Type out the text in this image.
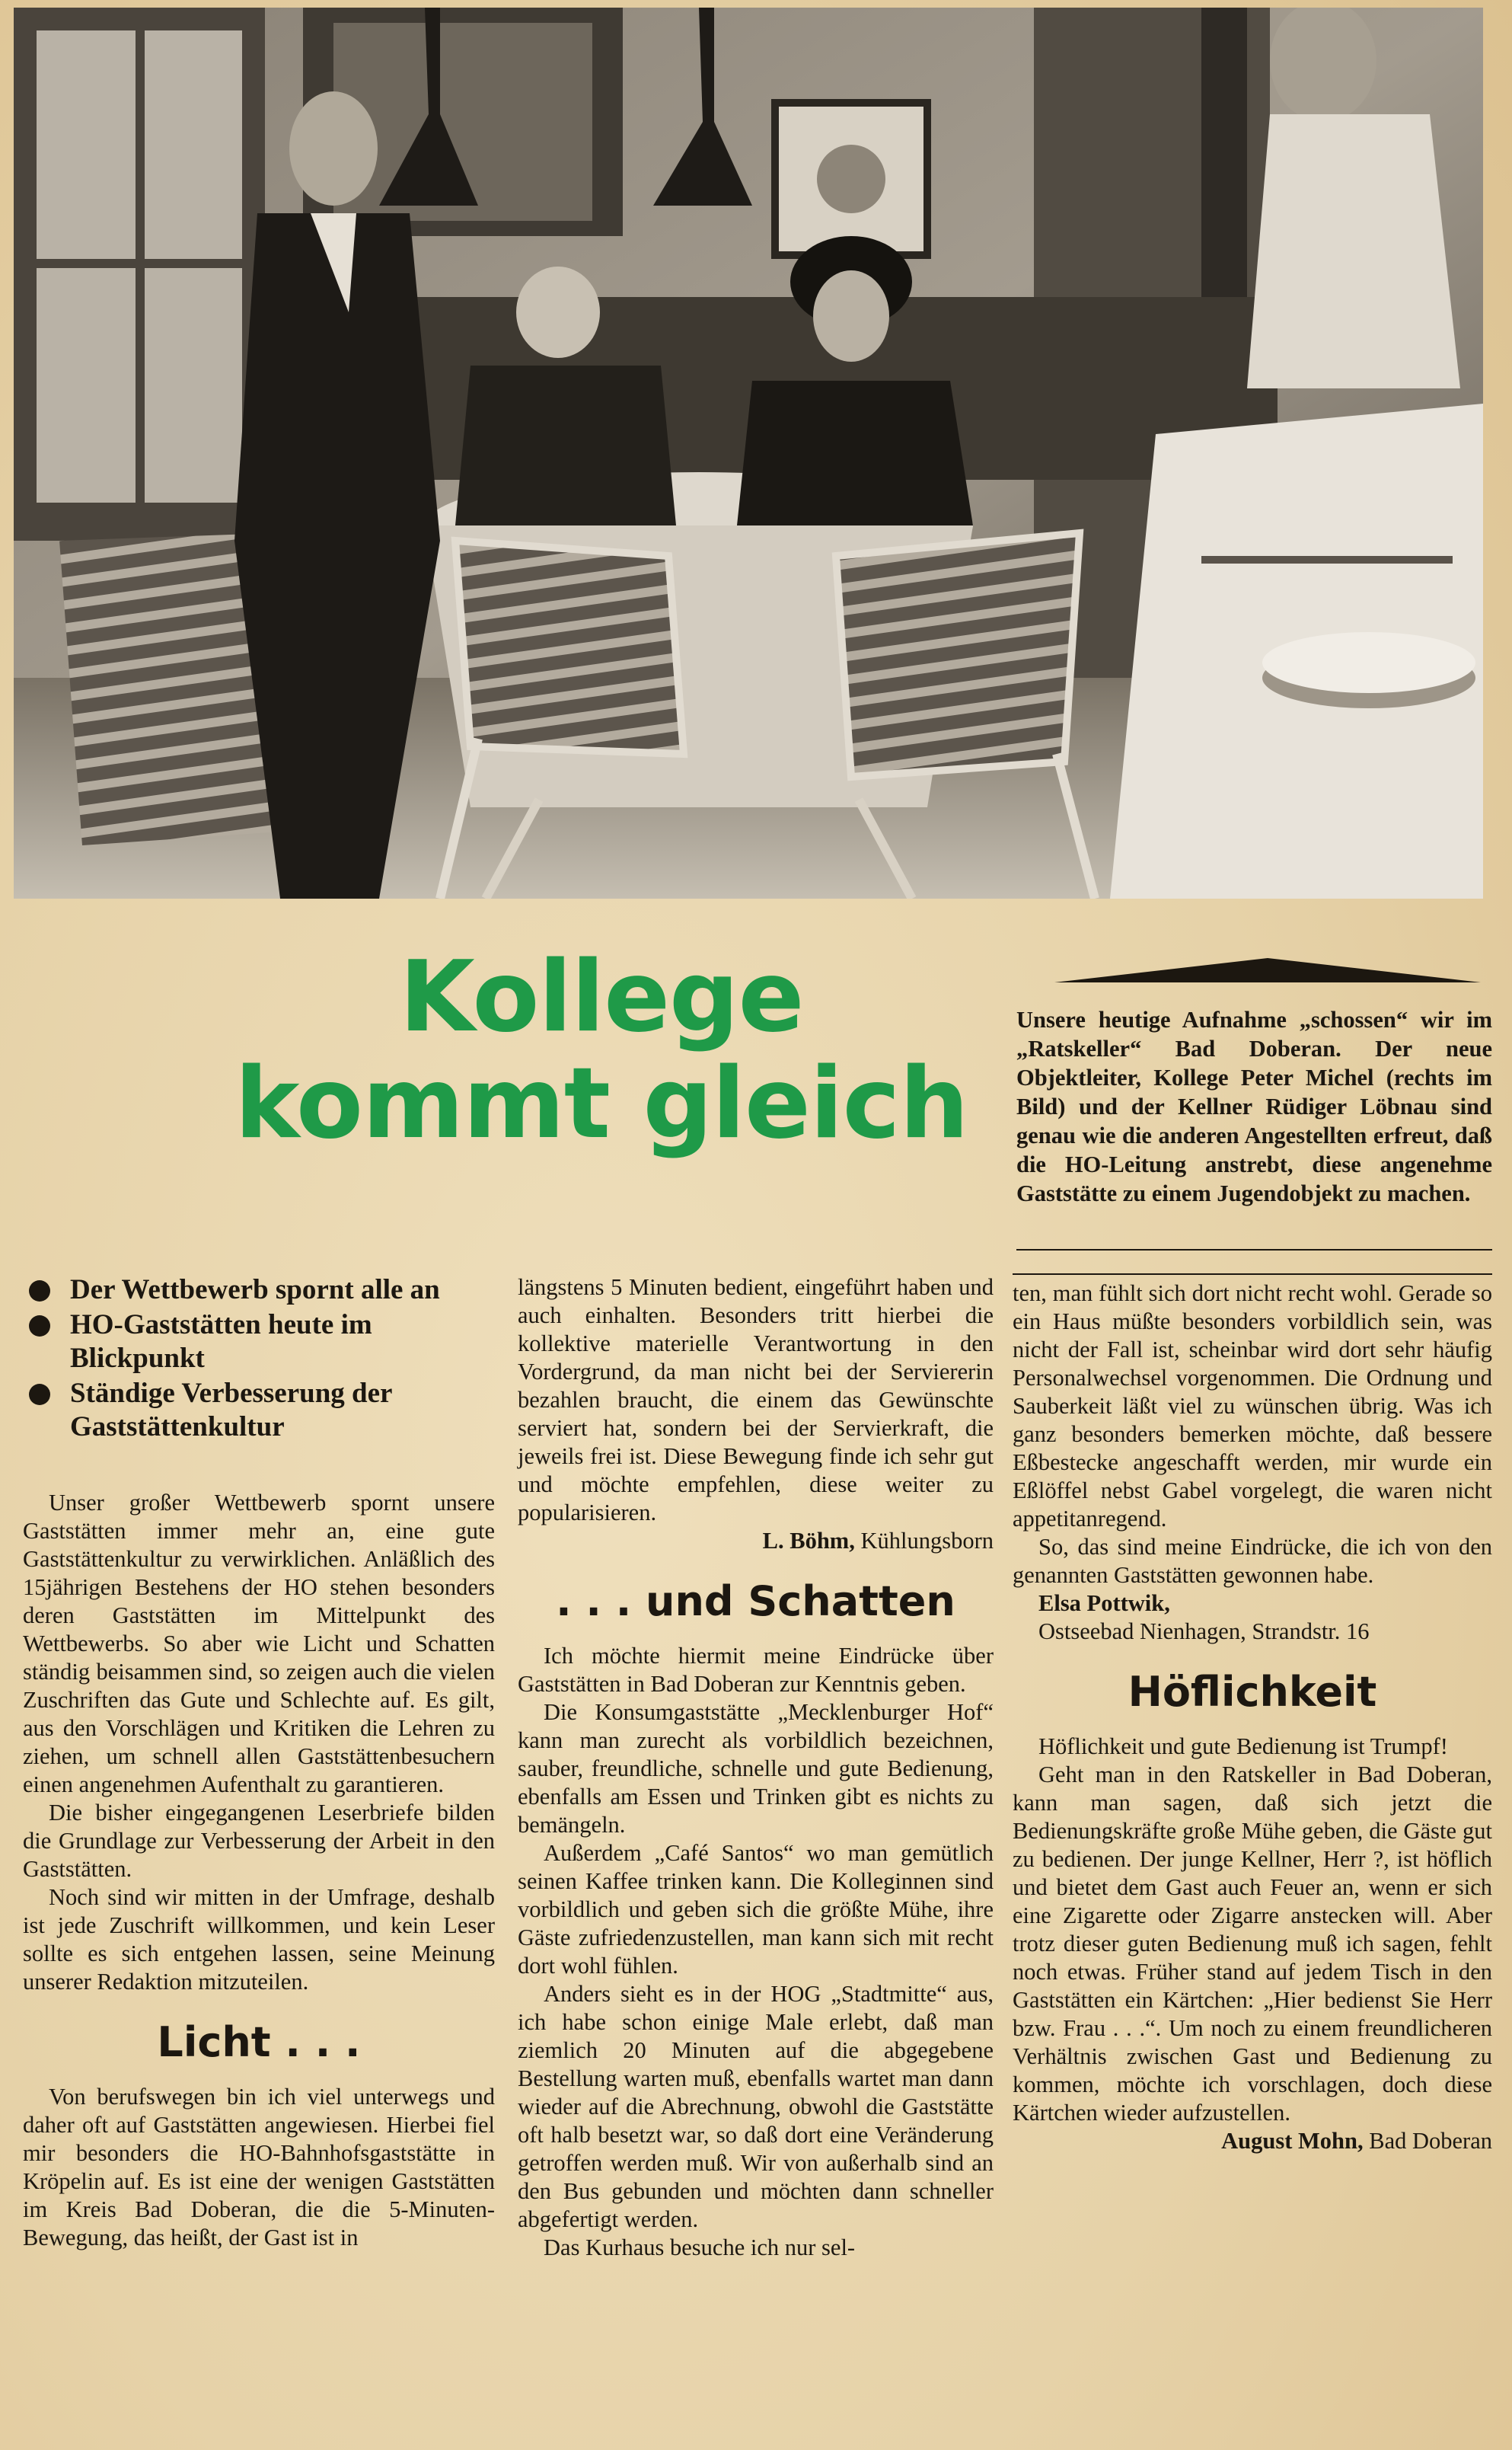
Kollege
kommt gleich
Unsere heutige Aufnahme „schossen“ wir im „Ratskeller“ Bad Doberan. Der neue Objektleiter, Kollege Peter Michel (rechts im Bild) und der Kellner Rüdiger Löbnau sind genau wie die anderen Angestellten erfreut, daß die HO-Leitung anstrebt, diese angenehme Gaststätte zu einem Jugendobjekt zu machen.
Der Wettbewerb spornt alle an
HO-Gaststätten heute im Blickpunkt
Ständige Verbesserung der Gaststättenkultur

Unser großer Wettbewerb spornt unsere Gaststätten immer mehr an, eine gute Gaststättenkultur zu verwirklichen. Anläßlich des 15jährigen Bestehens der HO stehen besonders deren Gaststätten im Mittelpunkt des Wettbewerbs. So aber wie Licht und Schatten ständig beisammen sind, so zeigen auch die vielen Zuschriften das Gute und Schlechte auf. Es gilt, aus den Vorschlägen und Kritiken die Lehren zu ziehen, um schnell allen Gaststättenbesuchern einen angenehmen Aufenthalt zu garantieren.

Die bisher eingegangenen Leserbriefe bilden die Grundlage zur Verbesserung der Arbeit in den Gaststätten.

Noch sind wir mitten in der Umfrage, deshalb ist jede Zuschrift willkommen, und kein Leser sollte es sich entgehen lassen, seine Meinung unserer Redaktion mitzuteilen.

Licht . . .

Von berufswegen bin ich viel unterwegs und daher oft auf Gaststätten angewiesen. Hierbei fiel mir besonders die HO-Bahnhofsgaststätte in Kröpelin auf. Es ist eine der wenigen Gaststätten im Kreis Bad Doberan, die die 5-Minuten-Bewegung, das heißt, der Gast ist in

längstens 5 Minuten bedient, eingeführt haben und auch einhalten. Besonders tritt hierbei die kollektive materielle Verantwortung in den Vordergrund, da man nicht bei der Serviererin bezahlen braucht, die einem das Gewünschte serviert hat, sondern bei der Servierkraft, die jeweils frei ist. Diese Bewegung finde ich sehr gut und möchte empfehlen, diese weiter zu popularisieren.

L. Böhm, Kühlungsborn

. . . und Schatten

Ich möchte hiermit meine Eindrücke über Gaststätten in Bad Doberan zur Kenntnis geben.

Die Konsumgaststätte „Mecklenburger Hof“ kann man zurecht als vorbildlich bezeichnen, sauber, freundliche, schnelle und gute Bedienung, ebenfalls am Essen und Trinken gibt es nichts zu bemängeln.

Außerdem „Café Santos“ wo man gemütlich seinen Kaffee trinken kann. Die Kolleginnen sind vorbildlich und geben sich die größte Mühe, ihre Gäste zufriedenzustellen, man kann sich mit recht dort wohl fühlen.

Anders sieht es in der HOG „Stadtmitte“ aus, ich habe schon einige Male erlebt, daß man ziemlich 20 Minuten auf die abgegebene Bestellung warten muß, ebenfalls wartet man dann wieder auf die Abrechnung, obwohl die Gaststätte oft halb besetzt war, so daß dort eine Veränderung getroffen werden muß. Wir von außerhalb sind an den Bus gebunden und möchten dann schneller abgefertigt werden.

Das Kurhaus besuche ich nur sel-

ten, man fühlt sich dort nicht recht wohl. Gerade so ein Haus müßte besonders vorbildlich sein, was nicht der Fall ist, scheinbar wird dort sehr häufig Personalwechsel vorgenommen. Die Ordnung und Sauberkeit läßt viel zu wünschen übrig. Was ich ganz besonders bemerken möchte, daß bessere Eßbestecke angeschafft werden, mir wurde ein Eßlöffel nebst Gabel vorgelegt, die waren nicht appetitanregend.

So, das sind meine Eindrücke, die ich von den genannten Gaststätten gewonnen habe.

Elsa Pottwik,

Ostseebad Nienhagen, Strandstr. 16

Höflichkeit

Höflichkeit und gute Bedienung ist Trumpf!

Geht man in den Ratskeller in Bad Doberan, kann man sagen, daß sich jetzt die Bedienungskräfte große Mühe geben, die Gäste gut zu bedienen. Der junge Kellner, Herr ?, ist höflich und bietet dem Gast auch Feuer an, wenn er sich eine Zigarette oder Zigarre anstecken will. Aber trotz dieser guten Bedienung muß ich sagen, fehlt noch etwas. Früher stand auf jedem Tisch in den Gaststätten ein Kärtchen: „Hier bedienst Sie Herr bzw. Frau . . .“. Um noch zu einem freundlicheren Verhältnis zwischen Gast und Bedienung zu kommen, möchte ich vorschlagen, doch diese Kärtchen wieder aufzustellen.

August Mohn, Bad Doberan
